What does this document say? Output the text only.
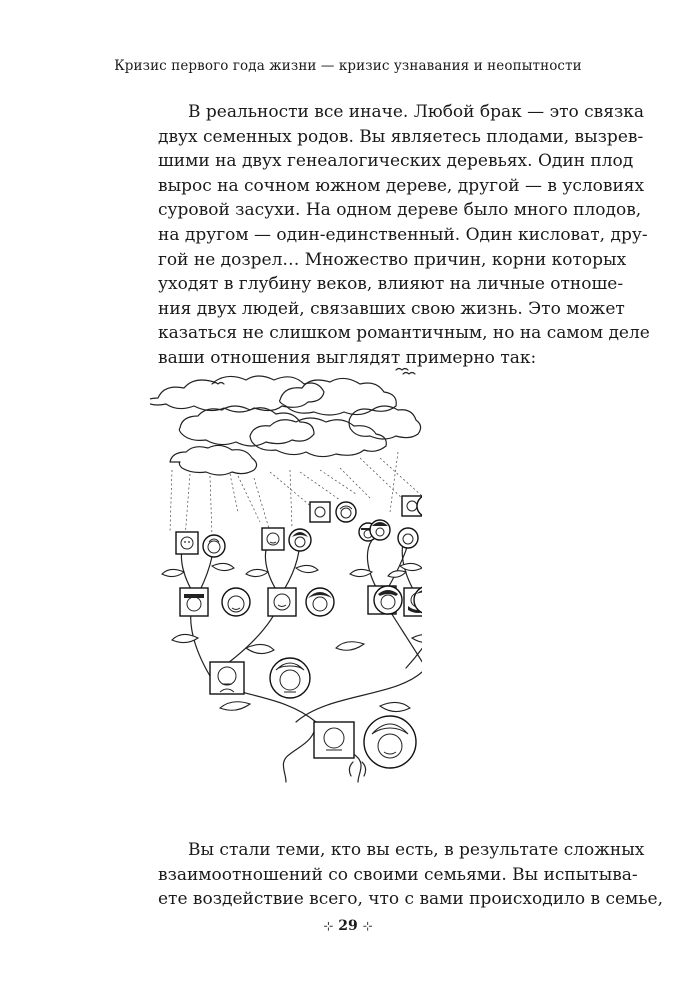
Кризис первого года жизни — кризис узнавания и неопытности
В реальности все иначе. Любой брак — это связка
двух семенных родов. Вы являетесь плодами, вызрев-
шими на двух генеалогических деревьях. Один плод
вырос на сочном южном дереве, другой — в условиях
суровой засухи. На одном дереве было много плодов,
на другом — один-единственный. Один кисловат, дру-
гой не дозрел… Множество причин, корни которых
уходят в глубину веков, влияют на личные отноше-
ния двух людей, связавших свою жизнь. Это может
казаться не слишком романтичным, но на самом деле
ваши отношения выглядят примерно так:
Вы стали теми, кто вы есть, в результате сложных
взаимоотношений со своими семьями. Вы испытыва-
ете воздействие всего, что с вами происходило в семье,
⊹ 29 ⊹
